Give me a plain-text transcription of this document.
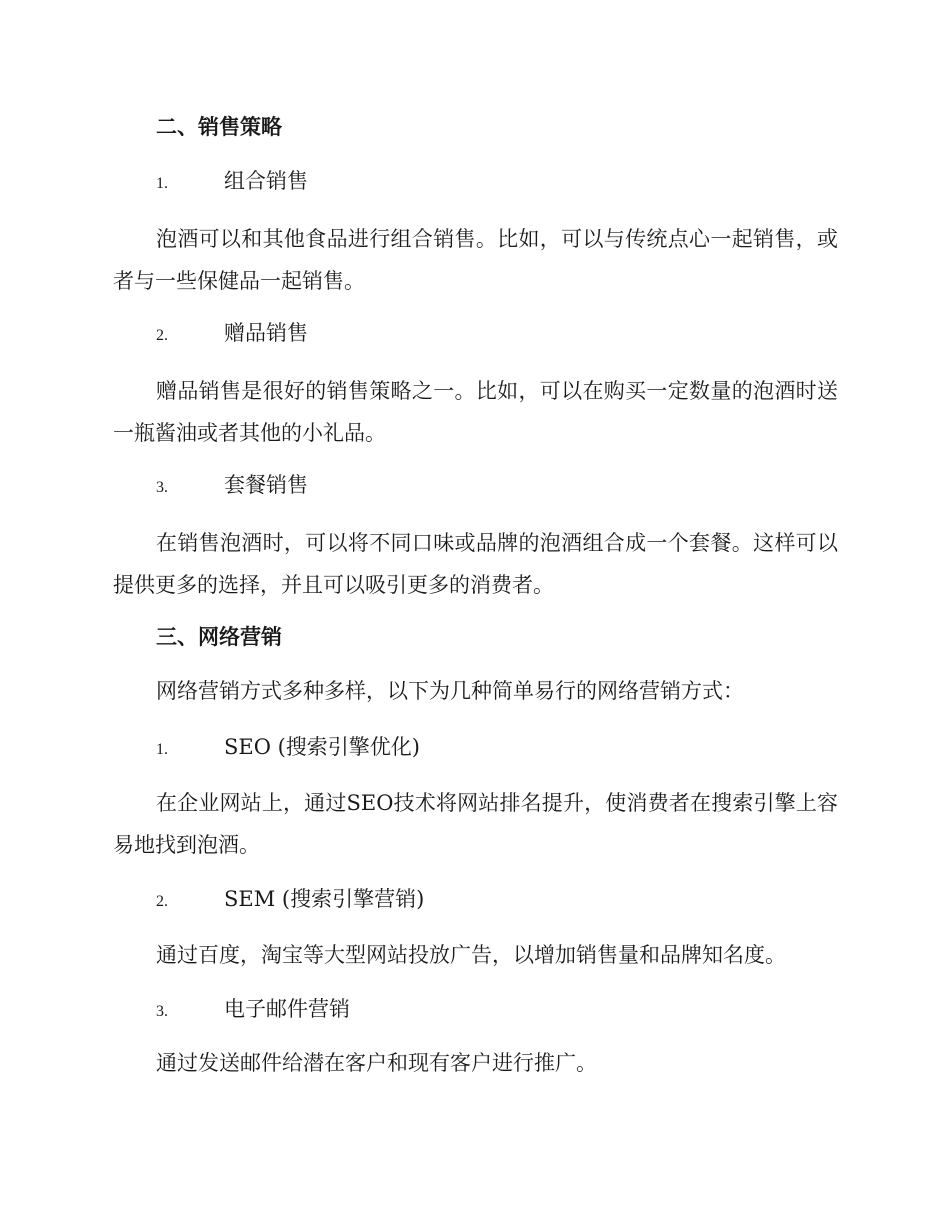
二、销售策略

1.	组合销售

泡酒可以和其他食品进行组合销售。比如，可以与传统点心一起销售，或者与一些保健品一起销售。

2.	赠品销售

赠品销售是很好的销售策略之一。比如，可以在购买一定数量的泡酒时送一瓶酱油或者其他的小礼品。

3.	套餐销售

在销售泡酒时，可以将不同口味或品牌的泡酒组合成一个套餐。这样可以提供更多的选择，并且可以吸引更多的消费者。

三、网络营销

网络营销方式多种多样，以下为几种简单易行的网络营销方式：

1.	SEO (搜索引擎优化)

在企业网站上，通过SEO技术将网站排名提升，使消费者在搜索引擎上容易地找到泡酒。

2.	SEM (搜索引擎营销)

通过百度，淘宝等大型网站投放广告，以增加销售量和品牌知名度。

3.	电子邮件营销

通过发送邮件给潜在客户和现有客户进行推广。
